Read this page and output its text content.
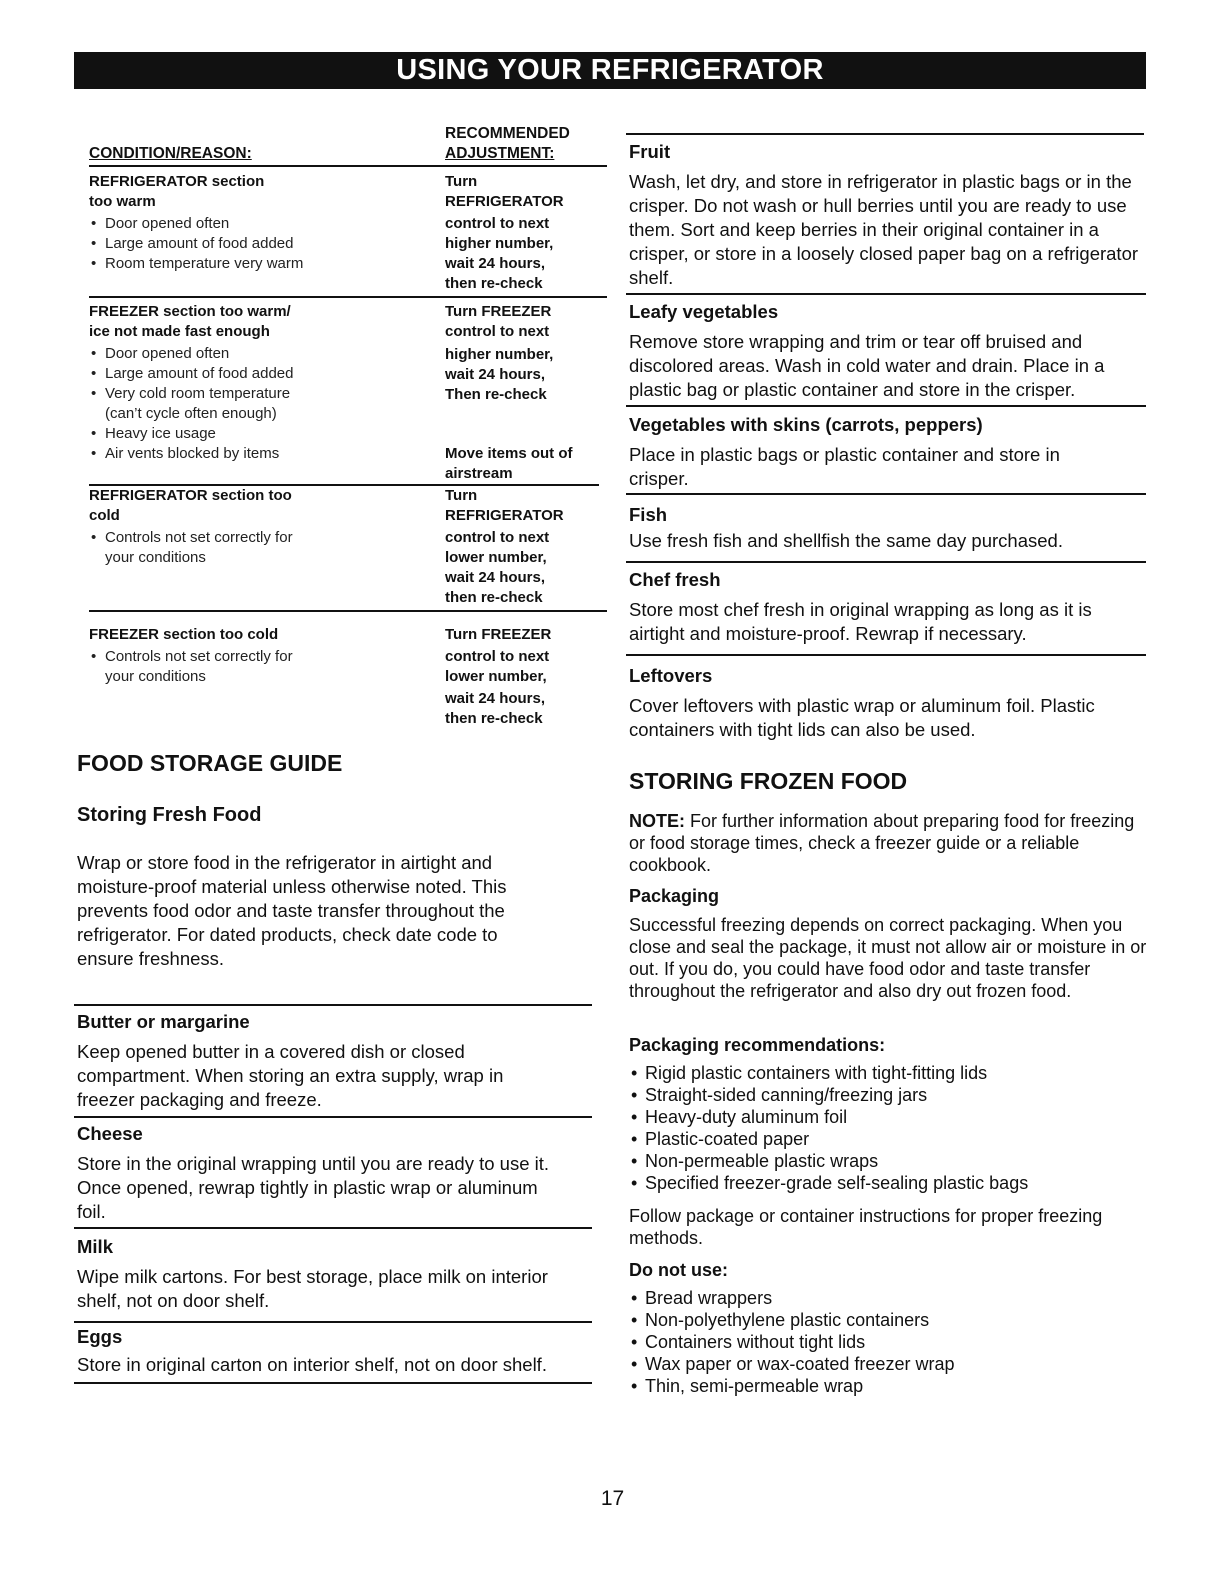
USING YOUR REFRIGERATOR
RECOMMENDED
CONDITION/REASON:	ADJUSTMENT:
REFRIGERATOR section
too warm
• Door opened often
• Large amount of food added
• Room temperature very warm
Turn
REFRIGERATOR
control to next
higher number,
wait 24 hours,
then re-check
FREEZER section too warm/
ice not made fast enough
• Door opened often
• Large amount of food added
• Very cold room temperature (can’t cycle often enough)
• Heavy ice usage
• Air vents blocked by items
Turn FREEZER
control to next
higher number,
wait 24 hours,
Then re-check
Move items out of
airstream
REFRIGERATOR section too
cold
• Controls not set correctly for your conditions
Turn
REFRIGERATOR
control to next
lower number,
wait 24 hours,
then re-check
FREEZER section too cold
• Controls not set correctly for your conditions
Turn FREEZER
control to next
lower number,
wait 24 hours,
then re-check
FOOD STORAGE GUIDE
Storing Fresh Food
Wrap or store food in the refrigerator in airtight and moisture-proof material unless otherwise noted. This prevents food odor and taste transfer throughout the refrigerator. For dated products, check date code to ensure freshness.
Butter or margarine
Keep opened butter in a covered dish or closed compartment. When storing an extra supply, wrap in freezer packaging and freeze.
Cheese
Store in the original wrapping until you are ready to use it. Once opened, rewrap tightly in plastic wrap or aluminum foil.
Milk
Wipe milk cartons. For best storage, place milk on interior shelf, not on door shelf.
Eggs
Store in original carton on interior shelf, not on door shelf.
Fruit
Wash, let dry, and store in refrigerator in plastic bags or in the crisper. Do not wash or hull berries until you are ready to use them. Sort and keep berries in their original container in a crisper, or store in a loosely closed paper bag on a refrigerator shelf.
Leafy vegetables
Remove store wrapping and trim or tear off bruised and discolored areas. Wash in cold water and drain. Place in a plastic bag or plastic container and store in the crisper.
Vegetables with skins (carrots, peppers)
Place in plastic bags or plastic container and store in crisper.
Fish
Use fresh fish and shellfish the same day purchased.
Chef fresh
Store most chef fresh in original wrapping as long as it is airtight and moisture-proof. Rewrap if necessary.
Leftovers
Cover leftovers with plastic wrap or aluminum foil. Plastic containers with tight lids can also be used.
STORING FROZEN FOOD
NOTE: For further information about preparing food for freezing or food storage times, check a freezer guide or a reliable cookbook.
Packaging
Successful freezing depends on correct packaging. When you close and seal the package, it must not allow air or moisture in or out. If you do, you could have food odor and taste transfer throughout the refrigerator and also dry out frozen food.
Packaging recommendations:
• Rigid plastic containers with tight-fitting lids
• Straight-sided canning/freezing jars
• Heavy-duty aluminum foil
• Plastic-coated paper
• Non-permeable plastic wraps
• Specified freezer-grade self-sealing plastic bags
Follow package or container instructions for proper freezing methods.
Do not use:
• Bread wrappers
• Non-polyethylene plastic containers
• Containers without tight lids
• Wax paper or wax-coated freezer wrap
• Thin, semi-permeable wrap
17
